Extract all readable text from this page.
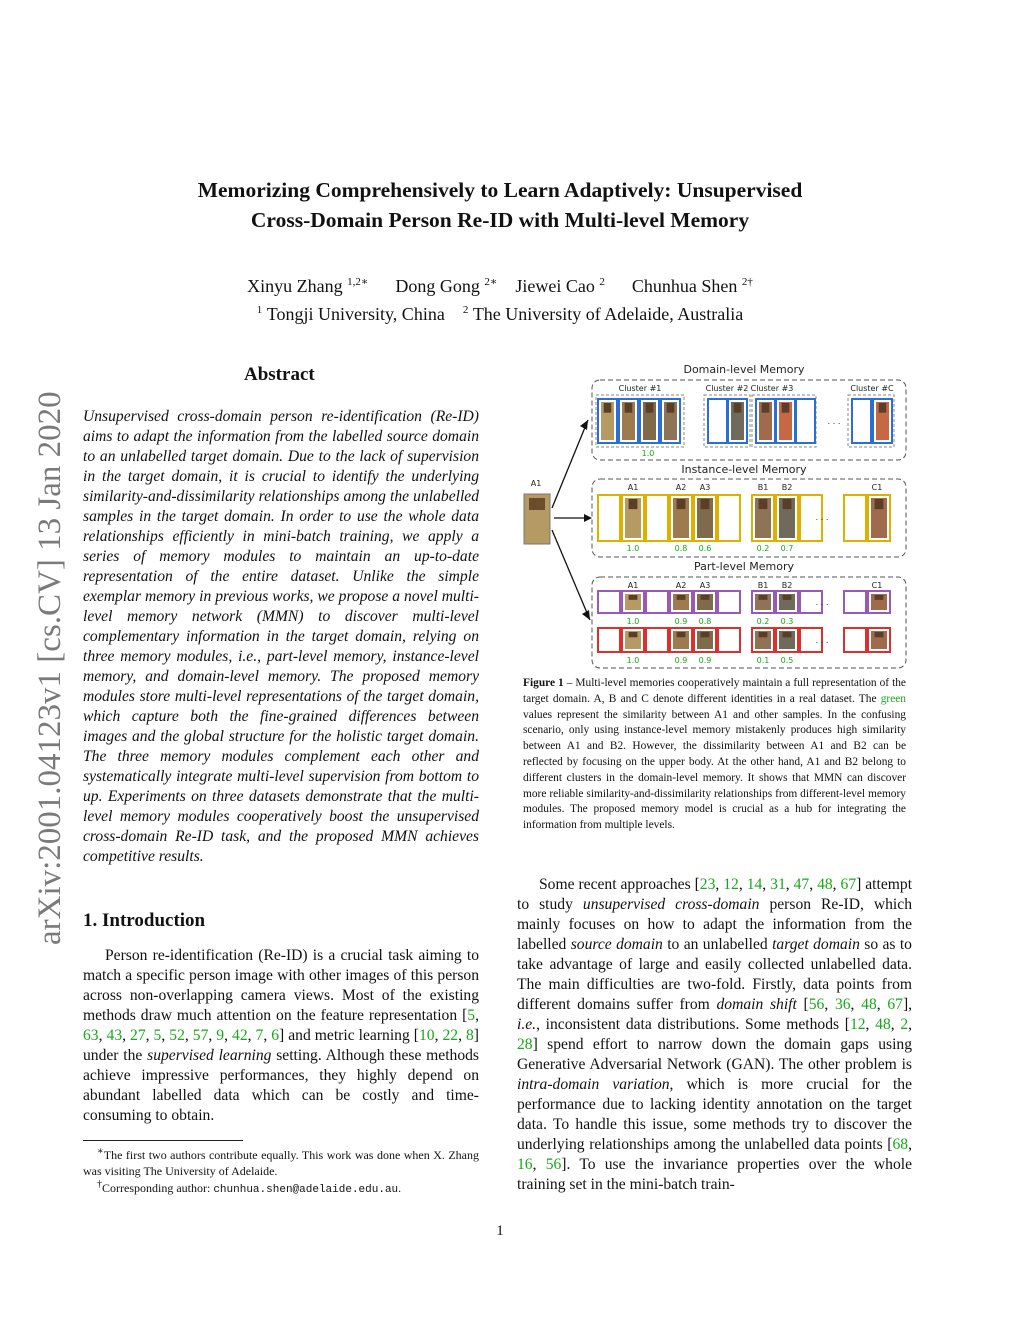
arXiv:2001.04123v1 [cs.CV] 13 Jan 2020
Memorizing Comprehensively to Learn Adaptively: Unsupervised
Cross-Domain Person Re-ID with Multi-level Memory
Xinyu Zhang $^{1,2∗}$ Dong Gong $^{2∗}$ Jiewei Cao $^2$ Chunhua Shen $^{2\dagger}$
$^1$ Tongji University, China $^2$ The University of Adelaide, Australia
Abstract
Unsupervised cross-domain person re-identification (Re-ID) aims to adapt the information from the labelled source domain to an unlabelled target domain. Due to the lack of supervision in the target domain, it is crucial to identify the underlying similarity-and-dissimilarity relationships among the unlabelled samples in the target domain. In order to use the whole data relationships efficiently in mini-batch training, we apply a series of memory modules to maintain an up-to-date representation of the entire dataset. Unlike the simple exemplar memory in previous works, we propose a novel multi-level memory network (MMN) to discover multi-level complementary information in the target domain, relying on three memory modules, i.e., part-level memory, instance-level memory, and domain-level memory. The proposed memory modules store multi-level representations of the target domain, which capture both the fine-grained differences between images and the global structure for the holistic target domain. The three memory modules complement each other and systematically integrate multi-level supervision from bottom to up. Experiments on three datasets demonstrate that the multi-level memory modules cooperatively boost the unsupervised cross-domain Re-ID task, and the proposed MMN achieves competitive results.
1. Introduction
Person re-identification (Re-ID) is a crucial task aiming to match a specific person image with other images of this person across non-overlapping camera views. Most of the existing methods draw much attention on the feature representation [5, 63, 43, 27, 5, 52, 57, 9, 42, 7, 6] and metric learning [10, 22, 8] under the supervised learning setting. Although these methods achieve impressive performances, they highly depend on abundant labelled data which can be costly and time-consuming to obtain.
∗The first two authors contribute equally. This work was done when X. Zhang was visiting The University of Adelaide.
†Corresponding author: chunhua.shen@adelaide.edu.au.
Domain-level Memory
Cluster #1	Cluster #2 Cluster #3	Cluster #C
1.0
. . .
A1
Instance-level Memory
A1	A2 A3	B1 B2	C1
1.0	0.8 0.6	0.2 0.7
. . .
Part-level Memory
A1	A2 A3	B1 B2	C1
1.0	0.9 0.8	0.2 0.3
1.0	0.9 0.9	0.1 0.5
. . .
. . .
Figure 1 – Multi-level memories cooperatively maintain a full representation of the target domain. A, B and C denote different identities in a real dataset. The green values represent the similarity between A1 and other samples. In the confusing scenario, only using instance-level memory mistakenly produces high similarity between A1 and B2. However, the dissimilarity between A1 and B2 can be reflected by focusing on the upper body. At the other hand, A1 and B2 belong to different clusters in the domain-level memory. It shows that MMN can discover more reliable similarity-and-dissimilarity relationships from different-level memory modules. The proposed memory model is crucial as a hub for integrating the information from multiple levels.
Some recent approaches [23, 12, 14, 31, 47, 48, 67] attempt to study unsupervised cross-domain person Re-ID, which mainly focuses on how to adapt the information from the labelled source domain to an unlabelled target domain so as to take advantage of large and easily collected unlabelled data. The main difficulties are two-fold. Firstly, data points from different domains suffer from domain shift [56, 36, 48, 67], i.e., inconsistent data distributions. Some methods [12, 48, 2, 28] spend effort to narrow down the domain gaps using Generative Adversarial Network (GAN). The other problem is intra-domain variation, which is more crucial for the performance due to lacking identity annotation on the target data. To handle this issue, some methods try to discover the underlying relationships among the unlabelled data points [68, 16, 56]. To use the invariance properties over the whole training set in the mini-batch train-
1
